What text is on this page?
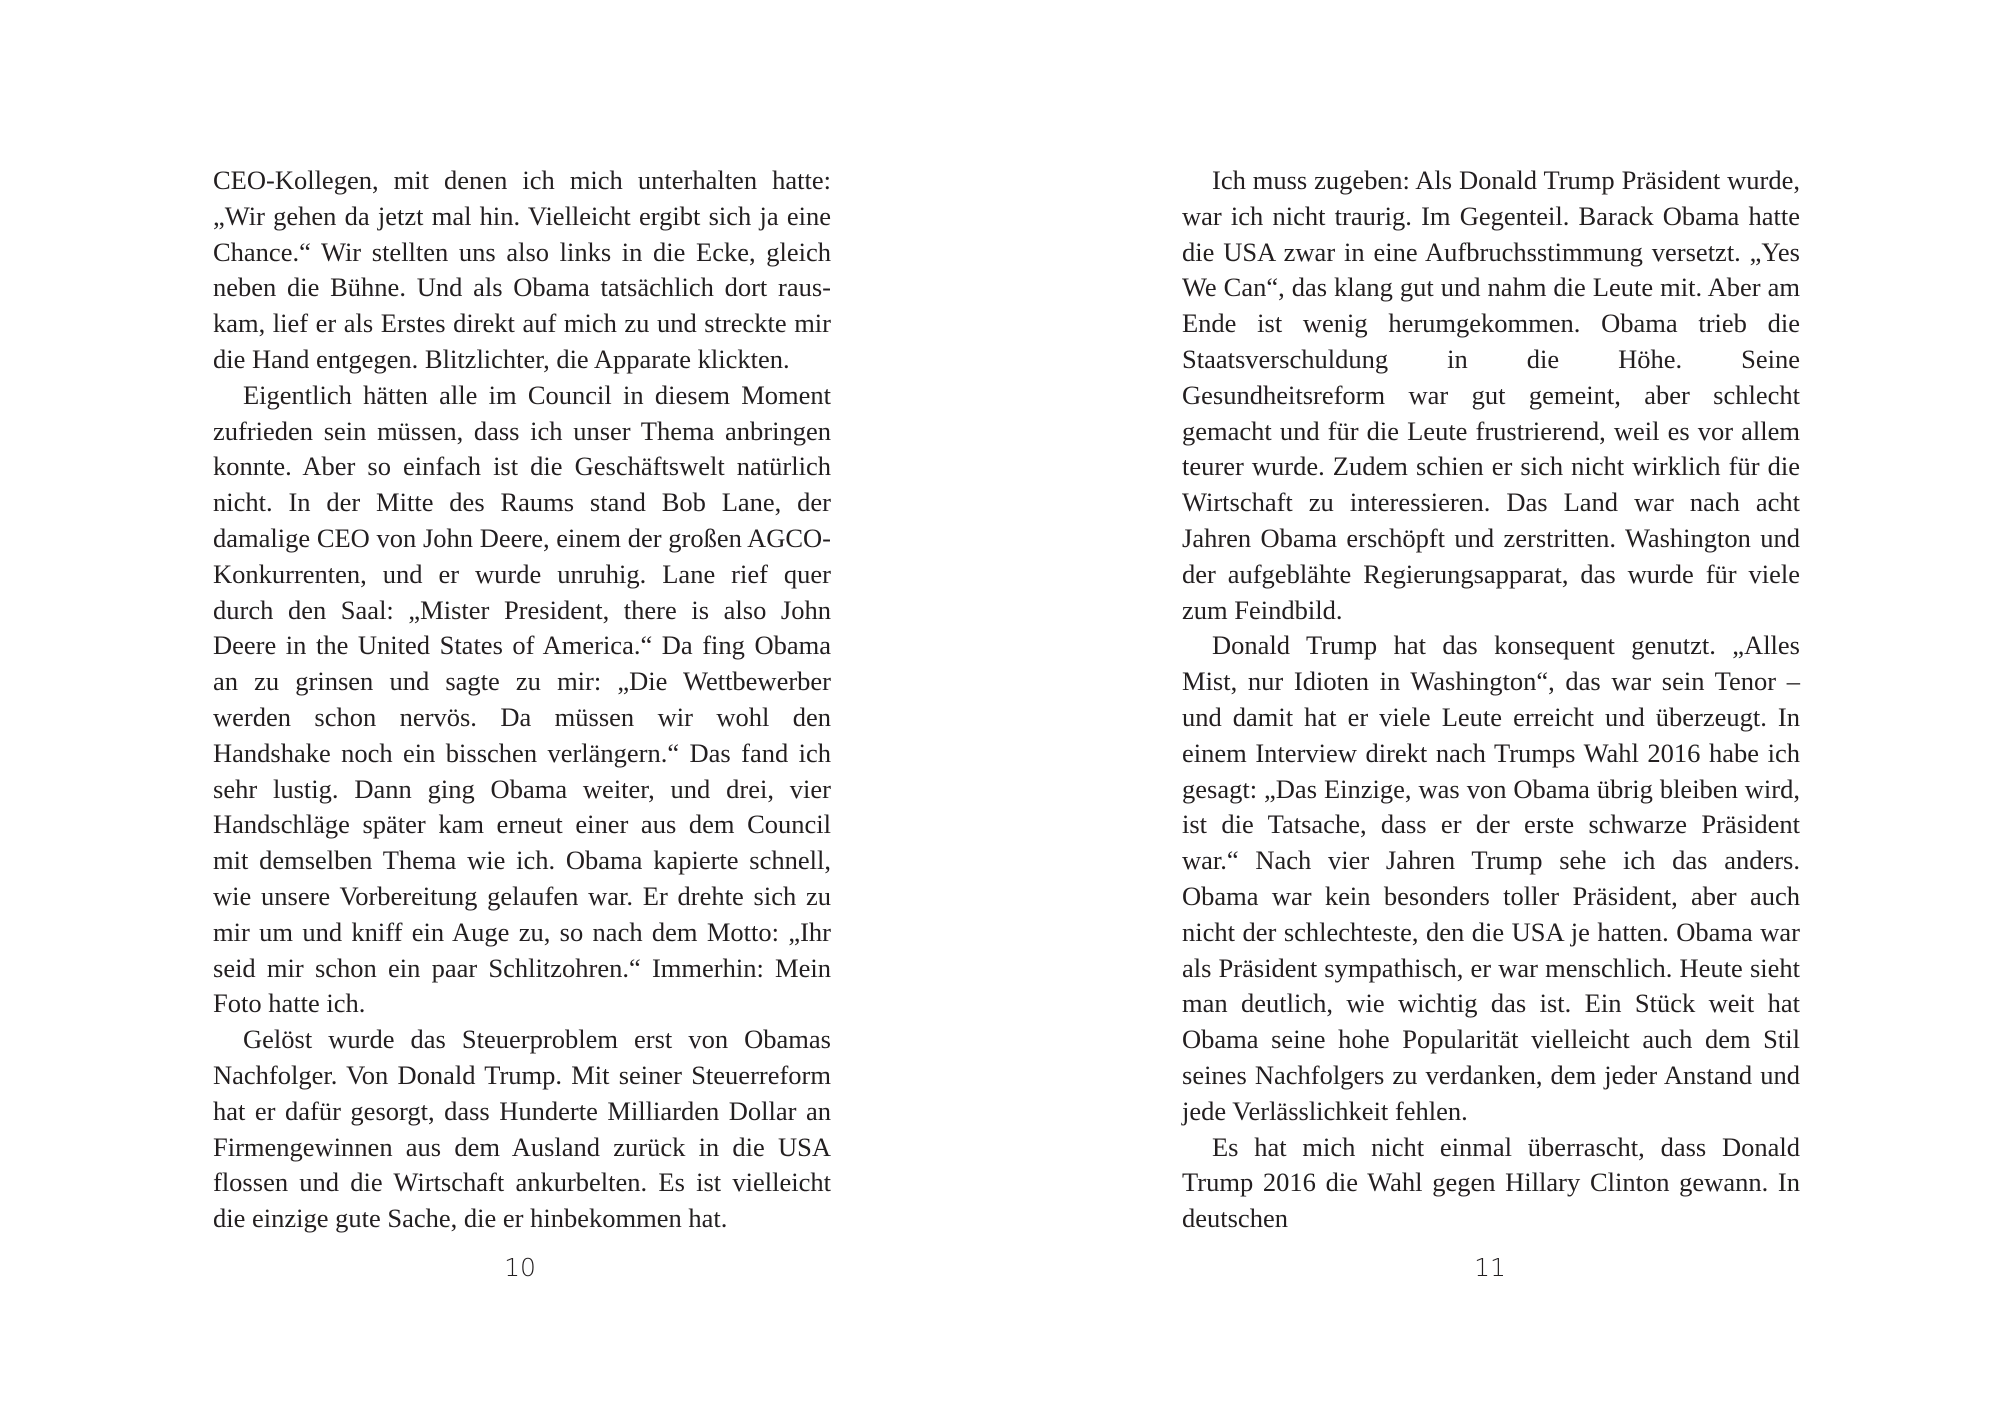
CEO-Kollegen, mit denen ich mich unterhalten hatte: „Wir gehen da jetzt mal hin. Vielleicht ergibt sich ja eine Chance.“ Wir stellten uns also links in die Ecke, gleich neben die Bühne. Und als Obama tatsächlich dort rauskam, lief er als Erstes direkt auf mich zu und streckte mir die Hand entgegen. Blitzlichter, die Apparate klickten.

Eigentlich hätten alle im Council in diesem Moment zufrieden sein müssen, dass ich unser Thema anbringen konnte. Aber so einfach ist die Geschäftswelt natürlich nicht. In der Mitte des Raums stand Bob Lane, der damalige CEO von John Deere, einem der großen AGCO-Konkurrenten, und er wurde unruhig. Lane rief quer durch den Saal: „Mister President, there is also John Deere in the United States of America.“ Da fing Obama an zu grinsen und sagte zu mir: „Die Wettbewerber werden schon nervös. Da müssen wir wohl den Handshake noch ein bisschen verlängern.“ Das fand ich sehr lustig. Dann ging Obama weiter, und drei, vier Handschläge später kam erneut einer aus dem Council mit demselben Thema wie ich. Obama kapierte schnell, wie unsere Vorbereitung gelaufen war. Er drehte sich zu mir um und kniff ein Auge zu, so nach dem Motto: „Ihr seid mir schon ein paar Schlitzohren.“ Immerhin: Mein Foto hatte ich.

Gelöst wurde das Steuerproblem erst von Obamas Nachfolger. Von Donald Trump. Mit seiner Steuerreform hat er dafür gesorgt, dass Hunderte Milliarden Dollar an Firmengewinnen aus dem Ausland zurück in die USA flossen und die Wirtschaft ankurbelten. Es ist vielleicht die einzige gute Sache, die er hinbekommen hat.

10

Ich muss zugeben: Als Donald Trump Präsident wurde, war ich nicht traurig. Im Gegenteil. Barack Obama hatte die USA zwar in eine Aufbruchsstimmung versetzt. „Yes We Can“, das klang gut und nahm die Leute mit. Aber am Ende ist wenig herumgekommen. Obama trieb die Staatsverschuldung in die Höhe. Seine Gesundheitsreform war gut gemeint, aber schlecht gemacht und für die Leute frustrierend, weil es vor allem teurer wurde. Zudem schien er sich nicht wirklich für die Wirtschaft zu interessieren. Das Land war nach acht Jahren Obama erschöpft und zerstritten. Washington und der aufgeblähte Regierungsapparat, das wurde für viele zum Feindbild.

Donald Trump hat das konsequent genutzt. „Alles Mist, nur Idioten in Washington“, das war sein Tenor – und damit hat er viele Leute erreicht und überzeugt. In einem Interview direkt nach Trumps Wahl 2016 habe ich gesagt: „Das Einzige, was von Obama übrig bleiben wird, ist die Tatsache, dass er der erste schwarze Präsident war.“ Nach vier Jahren Trump sehe ich das anders. Obama war kein besonders toller Präsident, aber auch nicht der schlechteste, den die USA je hatten. Obama war als Präsident sympathisch, er war menschlich. Heute sieht man deutlich, wie wichtig das ist. Ein Stück weit hat Obama seine hohe Popularität vielleicht auch dem Stil seines Nachfolgers zu verdanken, dem jeder Anstand und jede Verlässlichkeit fehlen.

Es hat mich nicht einmal überrascht, dass Donald Trump 2016 die Wahl gegen Hillary Clinton gewann. In deutschen

11
